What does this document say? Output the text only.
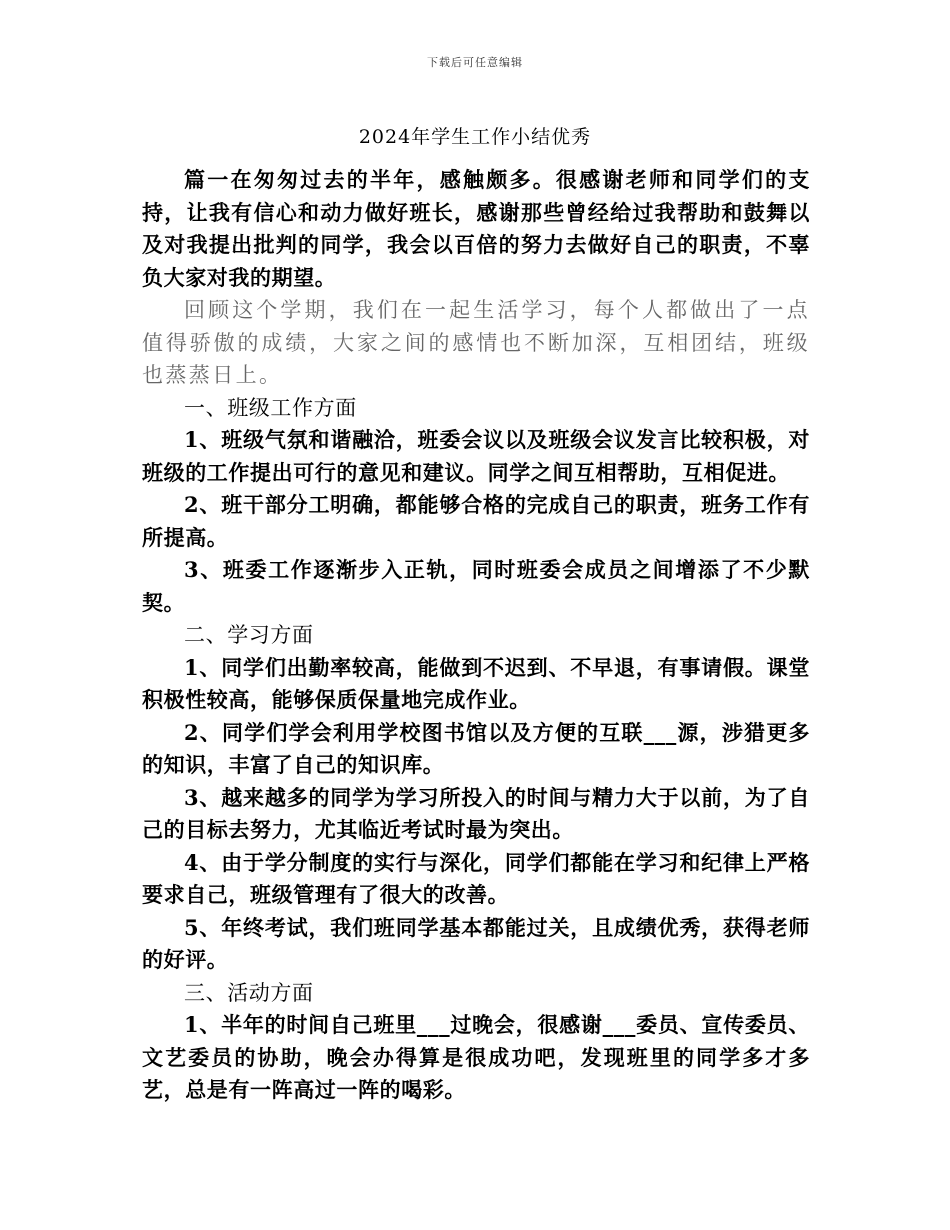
下载后可任意编辑
2024年学生工作小结优秀

篇一在匆匆过去的半年，感触颇多。很感谢老师和同学们的支持，让我有信心和动力做好班长，感谢那些曾经给过我帮助和鼓舞以及对我提出批判的同学，我会以百倍的努力去做好自己的职责，不辜负大家对我的期望。

回顾这个学期，我们在一起生活学习，每个人都做出了一点值得骄傲的成绩，大家之间的感情也不断加深，互相团结，班级也蒸蒸日上。

一、班级工作方面

1、班级气氛和谐融洽，班委会议以及班级会议发言比较积极，对班级的工作提出可行的意见和建议。同学之间互相帮助，互相促进。

2、班干部分工明确，都能够合格的完成自己的职责，班务工作有所提高。

3、班委工作逐渐步入正轨，同时班委会成员之间增添了不少默契。

二、学习方面

1、同学们出勤率较高，能做到不迟到、不早退，有事请假。课堂积极性较高，能够保质保量地完成作业。

2、同学们学会利用学校图书馆以及方便的互联___源，涉猎更多的知识，丰富了自己的知识库。

3、越来越多的同学为学习所投入的时间与精力大于以前，为了自己的目标去努力，尤其临近考试时最为突出。

4、由于学分制度的实行与深化，同学们都能在学习和纪律上严格要求自己，班级管理有了很大的改善。

5、年终考试，我们班同学基本都能过关，且成绩优秀，获得老师的好评。

三、活动方面

1、半年的时间自己班里___过晚会，很感谢___委员、宣传委员、文艺委员的协助，晚会办得算是很成功吧，发现班里的同学多才多艺，总是有一阵高过一阵的喝彩。
